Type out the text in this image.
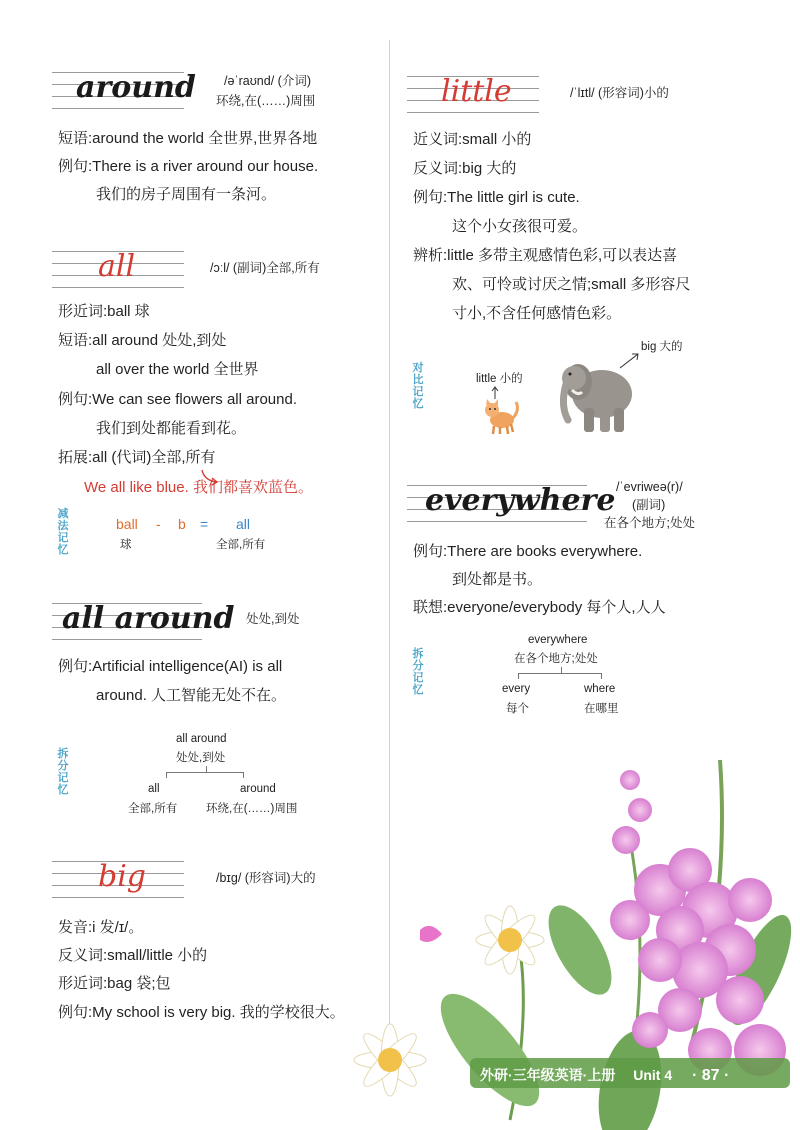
around /əˈraʊnd/ (介词)
环绕,在(……)周围
短语:around the world 全世界,世界各地
例句:There is a river around our house.
我们的房子周围有一条河。
all	/ɔːl/ (副词)全部,所有
形近词:ball 球
短语:all around 处处,到处
all over the world 全世界
例句:We can see flowers all around.
我们到处都能看到花。
拓展:all (代词)全部,所有
We all like blue. 我们都喜欢蓝色。
减法记忆
ball - b = all
球	全部,所有
all around 处处,到处
例句:Artificial intelligence(AI) is all
around. 人工智能无处不在。
拆分记忆
all around
处处,到处
all	around
全部,所有	环绕,在(……)周围
big	/bɪɡ/ (形容词)大的
发音:i 发/ɪ/。
反义词:small/little 小的
形近词:bag 袋;包
例句:My school is very big. 我的学校很大。
little	/ˈlɪtl/ (形容词)小的
近义词:small 小的
反义词:big 大的
例句:The little girl is cute.
这个小女孩很可爱。
辨析:little 多带主观感情色彩,可以表达喜
欢、可怜或讨厌之情;small 多形容尺
寸小,不含任何感情色彩。
对比记忆
little 小的
big 大的
everywhere /ˈevriweə(r)/
(副词)
在各个地方;处处
例句:There are books everywhere.
到处都是书。
联想:everyone/everybody 每个人,人人
拆分记忆
everywhere
在各个地方;处处
every	where
每个	在哪里
外研·三年级英语·上册 Unit 4 · 87 ·
